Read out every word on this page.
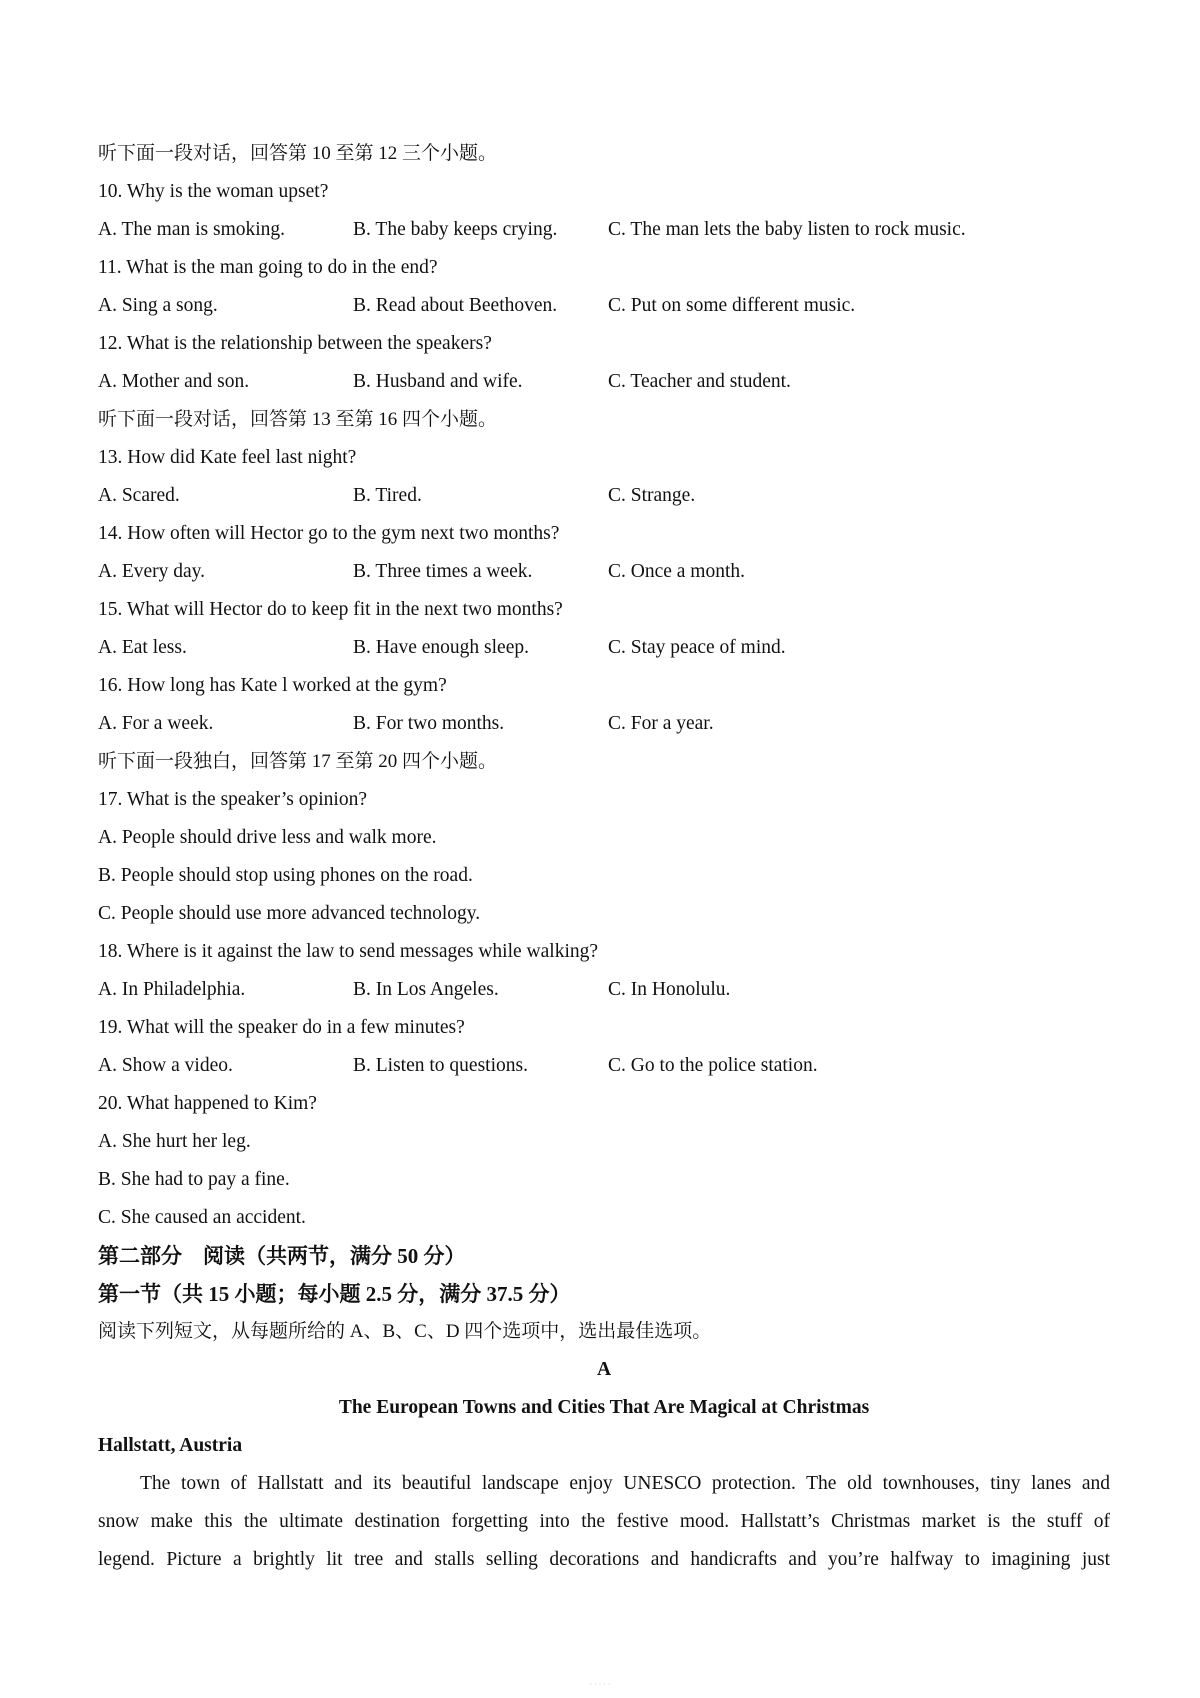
听下面一段对话，回答第 10 至第 12 三个小题。
10. Why is the woman upset?
A. The man is smoking.	B. The baby keeps crying.	C. The man lets the baby listen to rock music.
11. What is the man going to do in the end?
A. Sing a song.	B. Read about Beethoven.	C. Put on some different music.
12. What is the relationship between the speakers?
A. Mother and son.	B. Husband and wife.	C. Teacher and student.
听下面一段对话，回答第 13 至第 16 四个小题。
13. How did Kate feel last night?
A. Scared.	B. Tired.	C. Strange.
14. How often will Hector go to the gym next two months?
A. Every day.	B. Three times a week.	C. Once a month.
15. What will Hector do to keep fit in the next two months?
A. Eat less.	B. Have enough sleep.	C. Stay peace of mind.
16. How long has Kate l worked at the gym?
A. For a week.	B. For two months.	C. For a year.
听下面一段独白，回答第 17 至第 20 四个小题。
17. What is the speaker’s opinion?
A. People should drive less and walk more.
B. People should stop using phones on the road.
C. People should use more advanced technology.
18. Where is it against the law to send messages while walking?
A. In Philadelphia.	B. In Los Angeles.	C. In Honolulu.
19. What will the speaker do in a few minutes?
A. Show a video.	B. Listen to questions.	C. Go to the police station.
20. What happened to Kim?
A. She hurt her leg.
B. She had to pay a fine.
C. She caused an accident.
第二部分　阅读（共两节，满分 50 分）
第一节（共 15 小题；每小题 2.5 分，满分 37.5 分）
阅读下列短文，从每题所给的 A、B、C、D 四个选项中，选出最佳选项。
A
The European Towns and Cities That Are Magical at Christmas
Hallstatt, Austria

The town of Hallstatt and its beautiful landscape enjoy UNESCO protection. The old townhouses, tiny lanes and

snow make this the ultimate destination forgetting into the festive mood. Hallstatt’s Christmas market is the stuff of

legend. Picture a brightly lit tree and stalls selling decorations and handicrafts and you’re halfway to imagining just

· · · · ·
